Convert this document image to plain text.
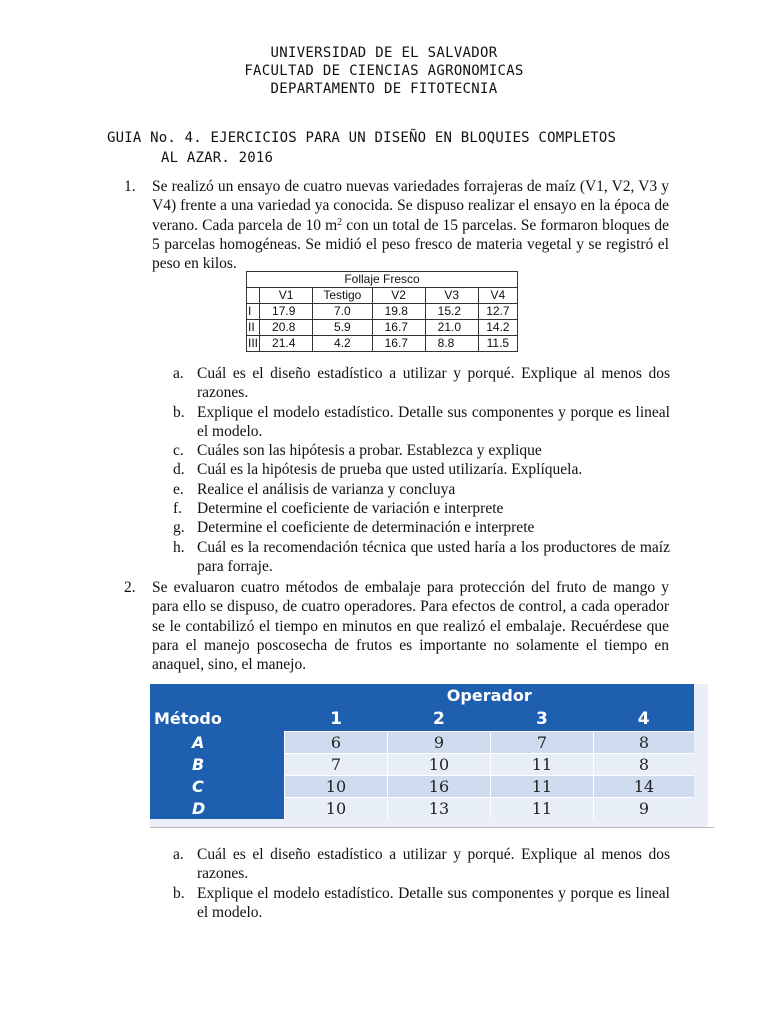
UNIVERSIDAD DE EL SALVADOR
FACULTAD DE CIENCIAS AGRONOMICAS
DEPARTAMENTO DE FITOTECNIA
GUIA No. 4. EJERCICIOS PARA UN DISEÑO EN BLOQUIES COMPLETOS
AL AZAR. 2016
1. Se realizó un ensayo de cuatro nuevas variedades forrajeras de maíz (V1, V2, V3 y V4) frente a una variedad ya conocida. Se dispuso realizar el ensayo en la época de verano. Cada parcela de 10 $m^2$ con un total de 15 parcelas. Se formaron bloques de 5 parcelas homogéneas. Se midió el peso fresco de materia vegetal y se registró el peso en kilos.
Follaje Fresco					
	V1	Testigo	V2	V3	V4
I	17.9	7.0	19.8	15.2	12.7
II	20.8	5.9	16.7	21.0	14.2
III	21.4	4.2	16.7	8.8	11.5
a. Cuál es el diseño estadístico a utilizar y porqué. Explique al menos dos razones.
b. Explique el modelo estadístico. Detalle sus componentes y porque es lineal el modelo.
c. Cuáles son las hipótesis a probar. Establezca y explique
d. Cuál es la hipótesis de prueba que usted utilizaría. Explíquela.
e. Realice el análisis de varianza y concluya
f. Determine el coeficiente de variación e interprete
g. Determine el coeficiente de determinación e interprete
h. Cuál es la recomendación técnica que usted haría a los productores de maíz para forraje.
2. Se evaluaron cuatro métodos de embalaje para protección del fruto de mango y para ello se dispuso, de cuatro operadores. Para efectos de control, a cada operador se le contabilizó el tiempo en minutos en que realizó el embalaje. Recuérdese que para el manejo poscosecha de frutos es importante no solamente el tiempo en anaquel, sino, el manejo.
	Operador			
Método	1	2	3	4
A	6	9	7	8
B	7	10	11	8
C	10	16	11	14
D	10	13	11	9
a. Cuál es el diseño estadístico a utilizar y porqué. Explique al menos dos razones.
b. Explique el modelo estadístico. Detalle sus componentes y porque es lineal el modelo.
